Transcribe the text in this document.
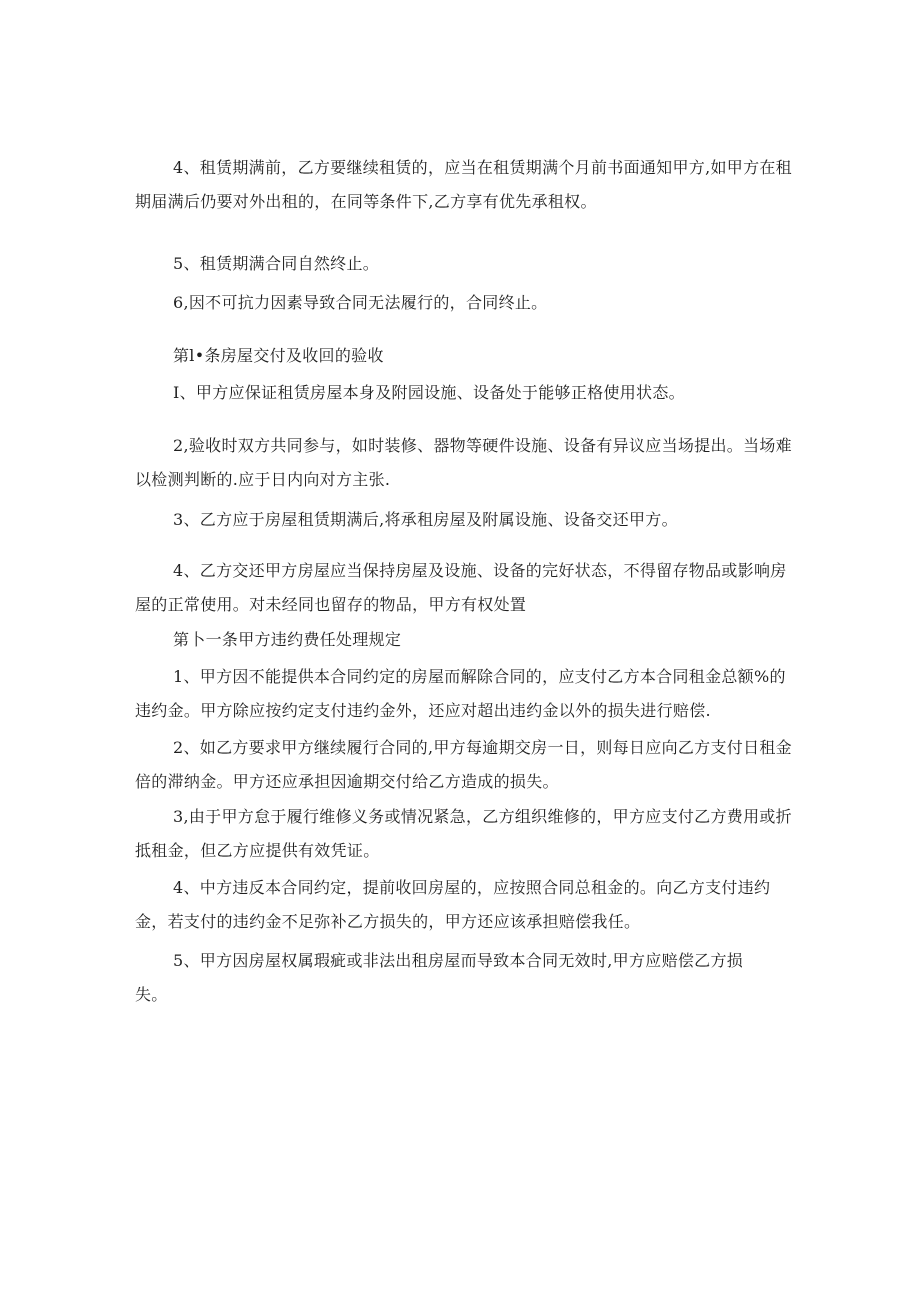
4、租赁期满前，乙方要继续租赁的，应当在租赁期满个月前书面通知甲方,如甲方在租期届满后仍要对外出租的，在同等条件下,乙方享有优先承租权。

5、租赁期满合同自然终止。

6,因不可抗力因素导致合同无法履行的，合同终止。

第l•条房屋交付及收回的验收

I、甲方应保证租赁房屋本身及附园设施、设备处于能够正格使用状态。

2,验收时双方共同参与，如时装修、器物等硬件设施、设备有异议应当场提出。当场难以检测判断的.应于日内向对方主张.

3、乙方应于房屋租赁期满后,将承租房屋及附属设施、设备交还甲方。

4、乙方交还甲方房屋应当保持房屋及设施、设备的完好状态，不得留存物品或影响房屋的正常使用。对未经同也留存的物品，甲方有权处置

第卜一条甲方违约费任处理规定

1、甲方因不能提供本合同约定的房屋而解除合同的，应支付乙方本合同租金总额%的违约金。甲方除应按约定支付违约金外，还应对超出违约金以外的损失进行赔偿.

2、如乙方要求甲方继续履行合同的,甲方每逾期交房一日，则每日应向乙方支付日租金倍的滞纳金。甲方还应承担因逾期交付给乙方造成的损失。

3,由于甲方怠于履行维修义务或情况紧急，乙方组织维修的，甲方应支付乙方费用或折抵租金，但乙方应提供有效凭证。

4、中方违反本合同约定，提前收回房屋的，应按照合同总租金的。向乙方支付违约金，若支付的违约金不足弥补乙方损失的，甲方还应该承担赔偿我任。

5、甲方因房屋权属瑕疵或非法出租房屋而导致本合同无效时,甲方应赔偿乙方损失。
